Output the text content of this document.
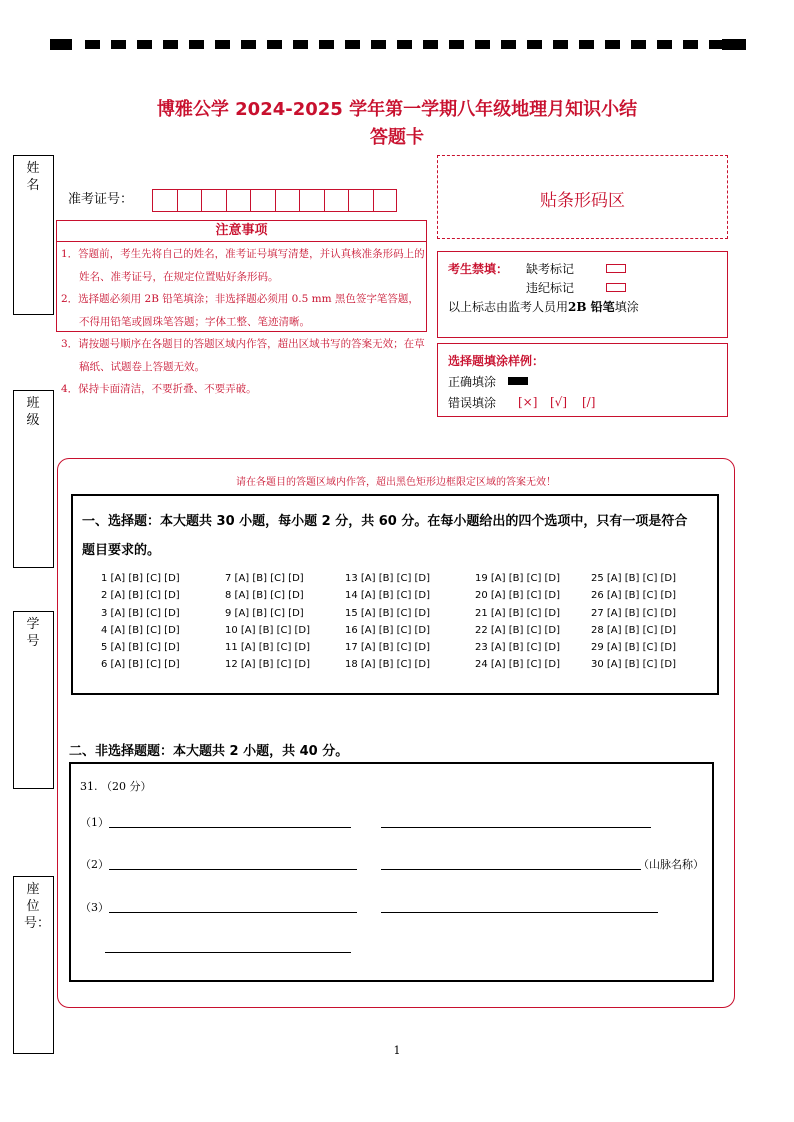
博雅公学 2024-2025 学年第一学期八年级地理月知识小结
答题卡
姓名
班级
学号
座位号：
准考证号：	贴条形码区
注意事项
1．答题前，考生先将自己的姓名，准考证号填写清楚，并认真核准条形码上的姓名、准考证号，在规定位置贴好条形码。
2．选择题必须用 2B 铅笔填涂；非选择题必须用 0.5 mm 黑色签字笔答题，不得用铅笔或圆珠笔答题；字体工整、笔迹清晰。
3．请按题号顺序在各题目的答题区域内作答，超出区域书写的答案无效；在草稿纸、试题卷上答题无效。
4．保持卡面清洁，不要折叠、不要弄破。
考生禁填： 缺考标记
违纪标记
以上标志由监考人员用2B 铅笔填涂
选择题填涂样例：
正确填涂
错误填涂 [×] [√] [/]
请在各题目的答题区域内作答，超出黑色矩形边框限定区域的答案无效！
一、选择题：本大题共 30 小题，每小题 2 分，共 60 分。在每小题给出的四个选项中，只有一项是符合
题目要求的。
1 [A] [B] [C] [D]
2 [A] [B] [C] [D]
3 [A] [B] [C] [D]
4 [A] [B] [C] [D]
5 [A] [B] [C] [D]
6 [A] [B] [C] [D]
7 [A] [B] [C] [D]
8 [A] [B] [C] [D]
9 [A] [B] [C] [D]
10 [A] [B] [C] [D]
11 [A] [B] [C] [D]
12 [A] [B] [C] [D]
13 [A] [B] [C] [D]
14 [A] [B] [C] [D]
15 [A] [B] [C] [D]
16 [A] [B] [C] [D]
17 [A] [B] [C] [D]
18 [A] [B] [C] [D]
19 [A] [B] [C] [D]
20 [A] [B] [C] [D]
21 [A] [B] [C] [D]
22 [A] [B] [C] [D]
23 [A] [B] [C] [D]
24 [A] [B] [C] [D]
25 [A] [B] [C] [D]
26 [A] [B] [C] [D]
27 [A] [B] [C] [D]
28 [A] [B] [C] [D]
29 [A] [B] [C] [D]
30 [A] [B] [C] [D]
二、非选择题题：本大题共 2 小题，共 40 分。
31. （20 分）
（1）
（2）	（山脉名称）
（3）
1
